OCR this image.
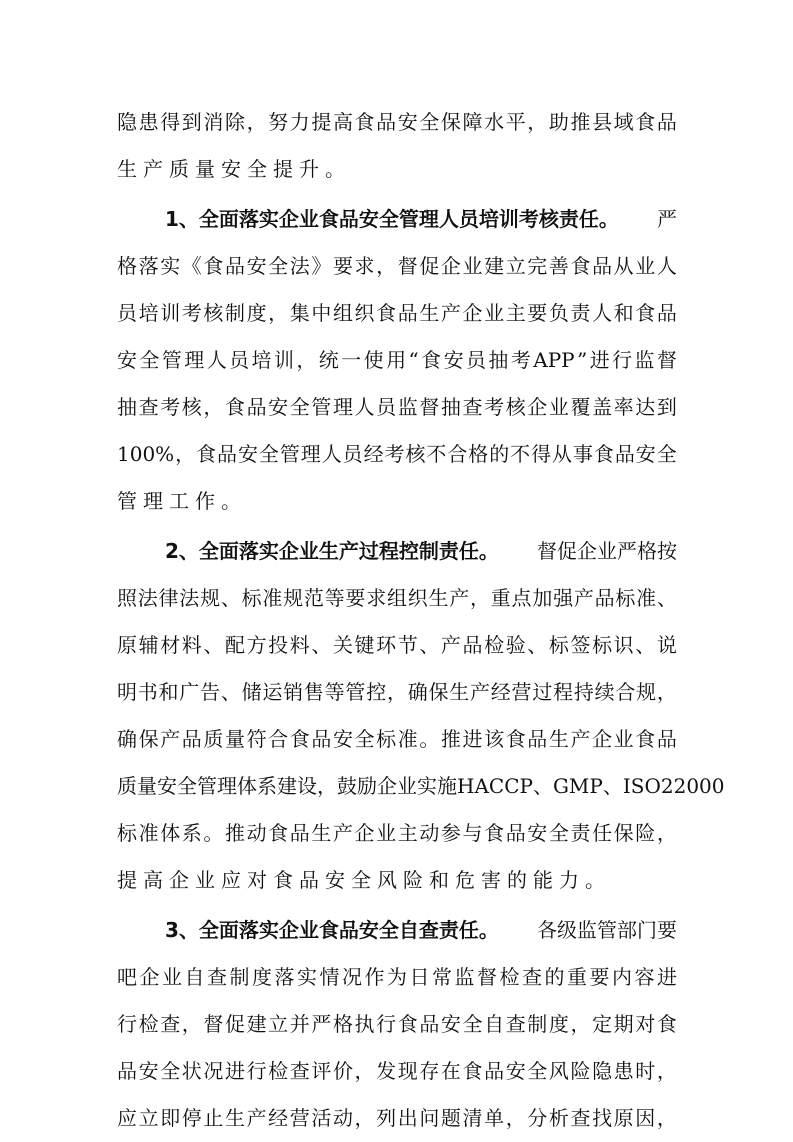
隐 患 得 到 消 除 ， 努 力 提 高 食 品 安 全 保 障 水 平 ， 助 推 县 域 食 品
生产质量安全提升。
1、全面落实企业食品安全管理人员培训考核责任。 严
格 落 实 《 食 品 安 全 法 》 要 求 ， 督 促 企 业 建 立 完 善 食 品 从 业 人
员 培 训 考 核 制 度 ， 集 中 组 织 食 品 生 产 企 业 主 要 负 责 人 和 食 品
安 全 管 理 人 员 培 训 ， 统 一 使 用 “ 食 安 员 抽 考 APP ” 进 行 监 督
抽 查 考 核 ， 食 品 安 全 管 理 人 员 监 督 抽 查 考 核 企 业 覆 盖 率 达 到
100% ， 食 品 安 全 管 理 人 员 经 考 核 不 合 格 的 不 得 从 事 食 品 安 全
管理工作。
2、全面落实企业生产过程控制责任。 督促企业严格按
照 法 律 法 规 、 标 准 规 范 等 要 求 组 织 生 产 ， 重 点 加 强 产 品 标 准 、
原 辅 材 料 、 配 方 投 料 、 关 键 环 节 、 产 品 检 验 、 标 签 标 识 、 说
明 书 和 广 告 、 储 运 销 售 等 管 控 ， 确 保 生 产 经 营 过 程 持 续 合 规 ，
确 保 产 品 质 量 符 合 食 品 安 全 标 准 。 推 进 该 食 品 生 产 企 业 食 品
质 量 安 全 管 理 体 系 建 设 ， 鼓 励 企 业 实 施 HACCP 、 GMP 、 ISO22000
标 准 体 系 。 推 动 食 品 生 产 企 业 主 动 参 与 食 品 安 全 责 任 保 险 ，
提高企业应对食品安全风险和危害的能力。
3、全面落实企业食品安全自查责任。 各级监管部门要
吧 企 业 自 查 制 度 落 实 情 况 作 为 日 常 监 督 检 查 的 重 要 内 容 进
行 检 查 ， 督 促 建 立 并 严 格 执 行 食 品 安 全 自 查 制 度 ， 定 期 对 食
品 安 全 状 况 进 行 检 查 评 价 ， 发 现 存 在 食 品 安 全 风 险 隐 患 时 ，
应 立 即 停 止 生 产 经 营 活 动 ， 列 出 问 题 清 单 ， 分 析 查 找 原 因 ，
